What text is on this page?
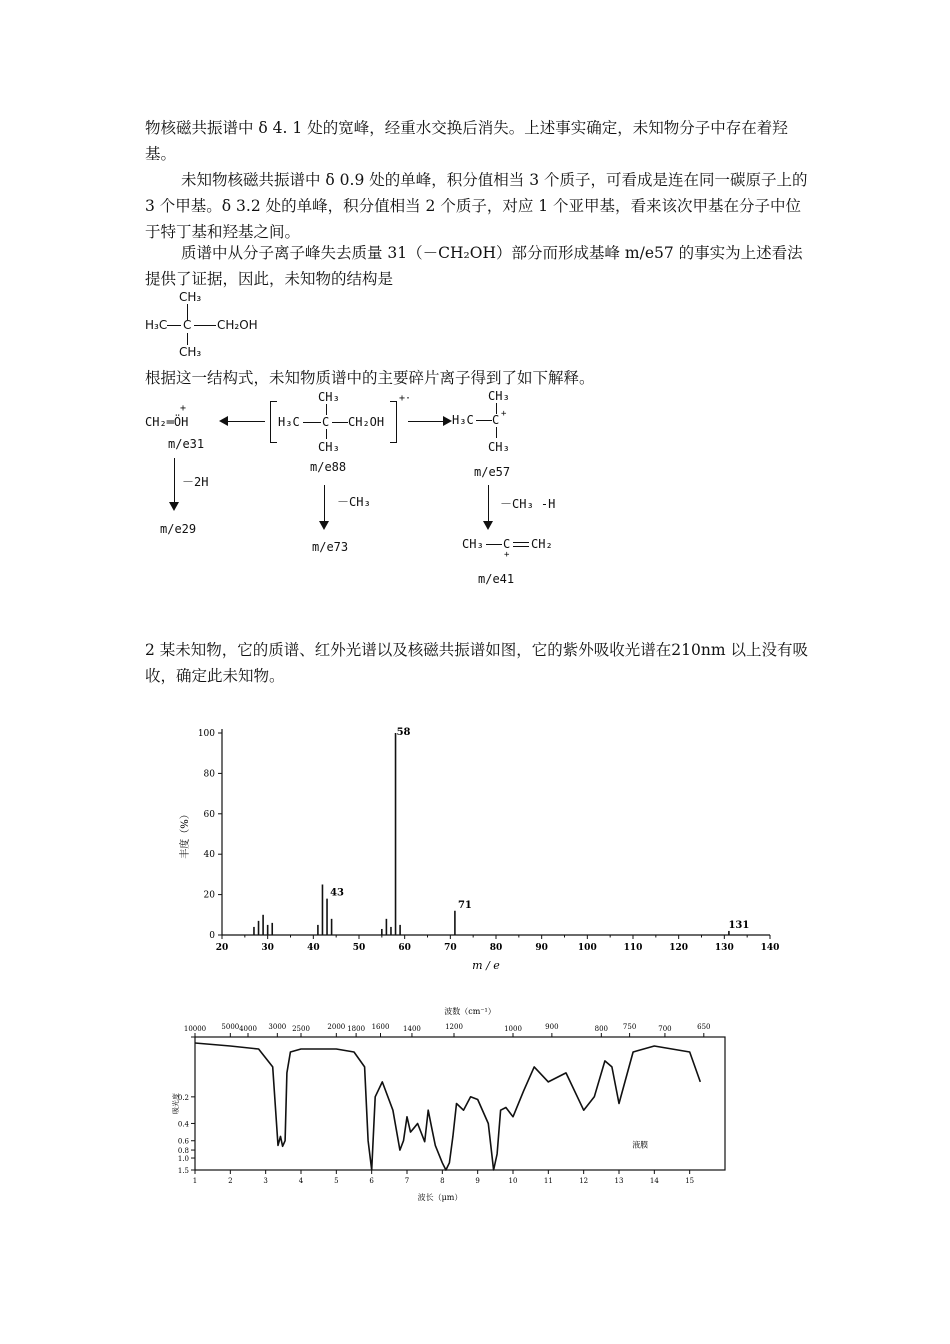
物核磁共振谱中 δ 4. 1 处的宽峰，经重水交换后消失。上述事实确定，未知物分子中存在着羟基。
未知物核磁共振谱中 δ 0.9 处的单峰，积分值相当 3 个质子，可看成是连在同一碳原子上的 3 个甲基。δ 3.2 处的单峰，积分值相当 2 个质子，对应 1 个亚甲基，看来该次甲基在分子中位于特丁基和羟基之间。
质谱中从分子离子峰失去质量 31（－CH₂OH）部分而形成基峰 m/e57 的事实为上述看法提供了证据，因此，未知物的结构是
CH₃
H₃C C CH₂OH
CH₃
根据这一结构式，未知物质谱中的主要碎片离子得到了如下解释。
+
CH₂═ÖH
m/e31
－2H
m/e29
CH₃
H₃C C CH₂OH
CH₃
+·
m/e88
－CH₃
m/e73
CH₃
H₃C C +
CH₃
m/e57
－CH₃ -H
CH₃ C CH₂
+
m/e41
2 某未知物，它的质谱、红外光谱以及核磁共振谱如图，它的紫外吸收光谱在210nm 以上没有吸收，确定此未知物。
0
20
40
60
80
100
20	30	40	50	60	70	80	90	100	110	120	130	140
58
43
71
131
m / e
丰度（%）
波数（cm⁻¹）
10000 5000 4000 3000 2500	2000 1800 1600 1400	1200	1000	900	800 750	700	650
1	2	3	4	5	6	7	8	9	10	11	12	13	14	15
0.2
0.4
0.6
0.8
1.0
1.5
波长（μm）
吸光度
液膜
